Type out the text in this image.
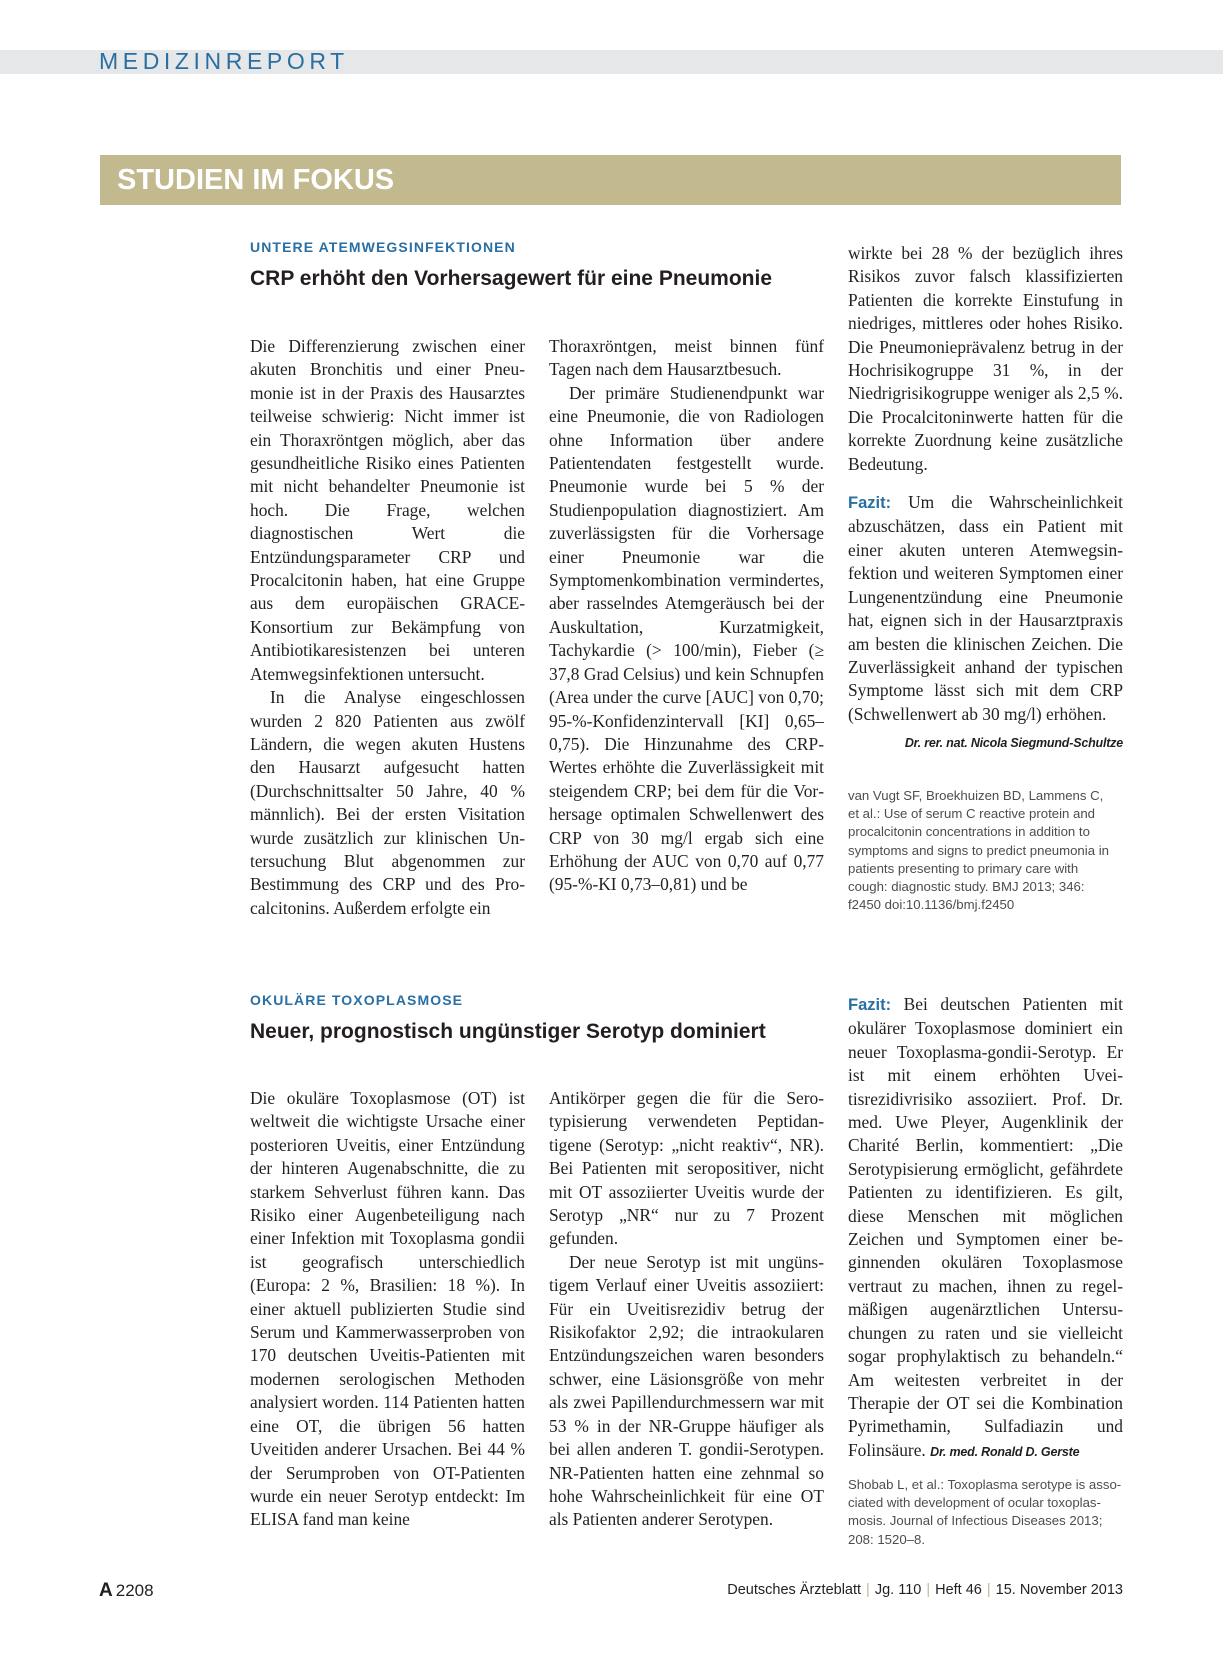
MEDIZINREPORT
STUDIEN IM FOKUS
UNTERE ATEMWEGSINFEKTIONEN
CRP erhöht den Vorhersagewert für eine Pneumonie

Die Differenzierung zwischen einer akuten Bronchitis und einer Pneumonie ist in der Praxis des Hausarztes teilweise schwierig: Nicht immer ist ein Thoraxröntgen möglich, aber das gesundheitliche Risiko eines Patienten mit nicht behandelter Pneumonie ist hoch. Die Frage, welchen diagnostischen Wert die Entzündungsparameter CRP und Procalcitonin haben, hat eine Gruppe aus dem europäischen GRACE-Konsortium zur Bekämpfung von Antibiotikaresistenzen bei unteren Atemwegsinfektionen untersucht.

In die Analyse eingeschlossen wurden 2 820 Patienten aus zwölf Ländern, die wegen akuten Hustens den Hausarzt aufgesucht hatten (Durchschnittsalter 50 Jahre, 40 % männlich). Bei der ersten Visitation wurde zusätzlich zur klinischen Untersuchung Blut abgenommen zur Bestimmung des CRP und des Procalcitonins. Außerdem erfolgte ein

Thoraxröntgen, meist binnen fünf Tagen nach dem Hausarztbesuch.

Der primäre Studienendpunkt war eine Pneumonie, die von Radiologen ohne Information über andere Patientendaten festgestellt wurde. Pneumonie wurde bei 5 % der Studienpopulation diagnostiziert. Am zuverlässigsten für die Vorhersage einer Pneumonie war die Symptomenkombination vermindertes, aber rasselndes Atemgeräusch bei der Auskultation, Kurzatmigkeit, Tachykardie (> 100/min), Fieber (≥ 37,8 Grad Celsius) und kein Schnupfen (Area under the curve [AUC] von 0,70; 95-%-Konfidenzintervall [KI] 0,65–0,75). Die Hinzunahme des CRP-Wertes erhöhte die Zuverlässigkeit mit steigendem CRP; bei dem für die Vorhersage optimalen Schwellenwert des CRP von 30 mg/l ergab sich eine Erhöhung der AUC von 0,70 auf 0,77 (95-%-KI 0,73–0,81) und be

wirkte bei 28 % der bezüglich ihres Risikos zuvor falsch klassifizierten Patienten die korrekte Einstufung in niedriges, mittleres oder hohes Risiko. Die Pneumonieprävalenz betrug in der Hochrisikogruppe 31 %, in der Niedrigrisikogruppe weniger als 2,5 %. Die Procalcitoninwerte hatten für die korrekte Zuordnung keine zusätzliche Bedeutung.

Fazit: Um die Wahrscheinlichkeit abzuschätzen, dass ein Patient mit einer akuten unteren Atemwegsinfektion und weiteren Symptomen einer Lungenentzündung eine Pneumonie hat, eignen sich in der Hausarztpraxis am besten die klinischen Zeichen. Die Zuverlässigkeit anhand der typischen Symptome lässt sich mit dem CRP (Schwellenwert ab 30 mg/l) erhöhen.

Dr. rer. nat. Nicola Siegmund-Schultze

van Vugt SF, Broekhuizen BD, Lammens C,
et al.: Use of serum C reactive protein and
procalcitonin concentrations in addition to
symptoms and signs to predict pneumonia in
patients presenting to primary care with
cough: diagnostic study. BMJ 2013; 346:
f2450 doi:10.1136/bmj.f2450
OKULÄRE TOXOPLASMOSE
Neuer, prognostisch ungünstiger Serotyp dominiert

Die okuläre Toxoplasmose (OT) ist weltweit die wichtigste Ursache einer posterioren Uveitis, einer Entzündung der hinteren Augenabschnitte, die zu starkem Sehverlust führen kann. Das Risiko einer Augenbeteiligung nach einer Infektion mit Toxoplasma gondii ist geografisch unterschiedlich (Europa: 2 %, Brasilien: 18 %). In einer aktuell publizierten Studie sind Serum und Kammerwasserproben von 170 deutschen Uveitis-Patienten mit modernen serologischen Methoden analysiert worden. 114 Patienten hatten eine OT, die übrigen 56 hatten Uveitiden anderer Ursachen. Bei 44 % der Serumproben von OT-Patienten wurde ein neuer Serotyp entdeckt: Im ELISA fand man keine

Antikörper gegen die für die Serotypisierung verwendeten Peptidantigene (Serotyp: „nicht reaktiv“, NR). Bei Patienten mit seropositiver, nicht mit OT assoziierter Uveitis wurde der Serotyp „NR“ nur zu 7 Prozent gefunden.

Der neue Serotyp ist mit ungünstigem Verlauf einer Uveitis assoziiert: Für ein Uveitisrezidiv betrug der Risikofaktor 2,92; die intraokularen Entzündungszeichen waren besonders schwer, eine Läsionsgröße von mehr als zwei Papillendurchmessern war mit 53 % in der NR-Gruppe häufiger als bei allen anderen T. gondii-Serotypen. NR-Patienten hatten eine zehnmal so hohe Wahrscheinlichkeit für eine OT als Patienten anderer Serotypen.

Fazit: Bei deutschen Patienten mit okulärer Toxoplasmose dominiert ein neuer Toxoplasma-gondii-Serotyp. Er ist mit einem erhöhten Uveitisrezidivrisiko assoziiert. Prof. Dr. med. Uwe Pleyer, Augenklinik der Charité Berlin, kommentiert: „Die Serotypisierung ermöglicht, gefährdete Patienten zu identifizieren. Es gilt, diese Menschen mit möglichen Zeichen und Symptomen einer beginnenden okulären Toxoplasmose vertraut zu machen, ihnen zu regelmäßigen augenärztlichen Untersuchungen zu raten und sie vielleicht sogar prophylaktisch zu behandeln.“ Am weitesten verbreitet in der Therapie der OT sei die Kombination Pyrimethamin, Sulfadiazin und Folinsäure. Dr. med. Ronald D. Gerste

Shobab L, et al.: Toxoplasma serotype is asso-
ciated with development of ocular toxoplas-
mosis. Journal of Infectious Diseases 2013;
208: 1520–8.
A 2208	Deutsches Ärzteblatt | Jg. 110 | Heft 46 | 15. November 2013
